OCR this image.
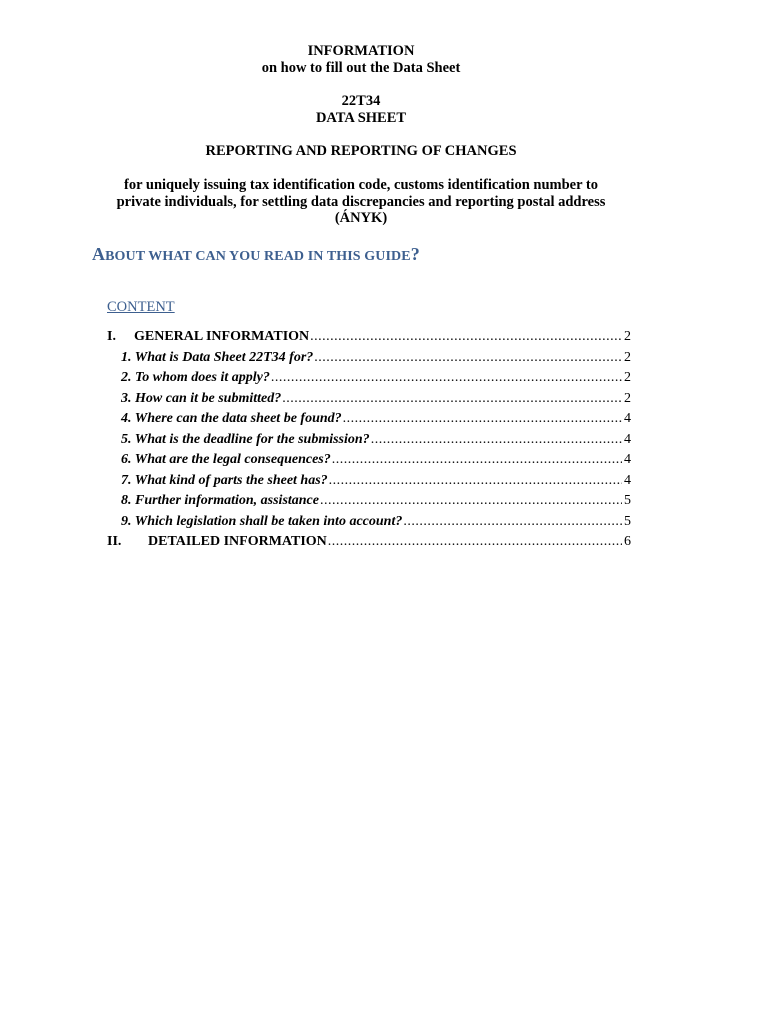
INFORMATION
on how to fill out the Data Sheet
22T34
DATA SHEET
REPORTING AND REPORTING OF CHANGES
for uniquely issuing tax identification code, customs identification number to
private individuals, for settling data discrepancies and reporting postal address
(ÁNYK)
ABOUT WHAT CAN YOU READ IN THIS GUIDE?
CONTENT
I.	GENERAL INFORMATION .....	2
1. What is Data Sheet 22T34 for? .....	2
2. To whom does it apply? .....	2
3. How can it be submitted? .....	2
4. Where can the data sheet be found? .....	4
5. What is the deadline for the submission? .....	4
6. What are the legal consequences? .....	4
7. What kind of parts the sheet has? .....	4
8. Further information, assistance .....	5
9. Which legislation shall be taken into account? .....	5
II.	DETAILED INFORMATION .....	6
